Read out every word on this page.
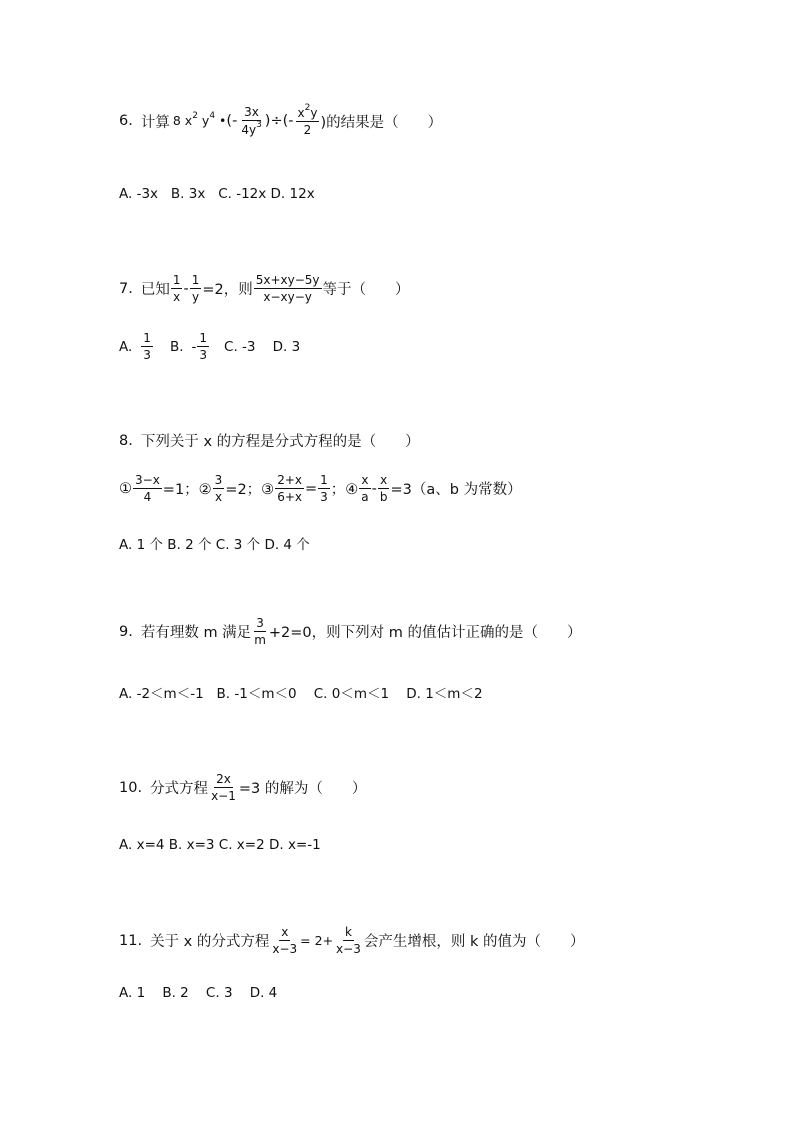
6. 计算 8 $x^2$ $y^4$ • ( - $\frac{3x}{4y^3}$ )÷( - $\frac{x^2y}{2}$ )的结果是（　　）
A. -3x   B. 3x   C. -12x D. 12x
7. 已知 $\frac{1}{x} - \frac{1}{y} =2$，则 $\frac{5x+xy-5y}{x-xy-y}$ 等于（　　）
A. $\frac{1}{3} B$. - $\frac{1}{3} C$. -3    D. 3
8. 下列关于 x 的方程是分式方程的是（　　）
① $\frac{3-x}{4} =1$；② $\frac{3}{x} =2$；③ $\frac{2+x}{6+x} = \frac{1}{3}$ ；④ $\frac{x}{a} - \frac{x}{b} =3(a$、b 为常数）
A. 1 个 B. 2 个 C. 3 个 D. 4 个
9. 若有理数 m 满足 $\frac{3}{m} +2=0$，则下列对 m 的值估计正确的是（　　）
A. -2＜m＜-1   B. -1＜m＜0    C. 0＜m＜1    D. 1＜m＜2
10. 分式方程 $\frac{2x}{x-1} =3$ 的解为（　　）
A. x=4 B. x=3 C. x=2 D. x=-1
11. 关于 x 的分式方程 $\frac{x}{x-3} = 2+ \frac{k}{x-3}$ 会产生增根，则 k 的值为（　　）
A. 1    B. 2    C. 3    D. 4
